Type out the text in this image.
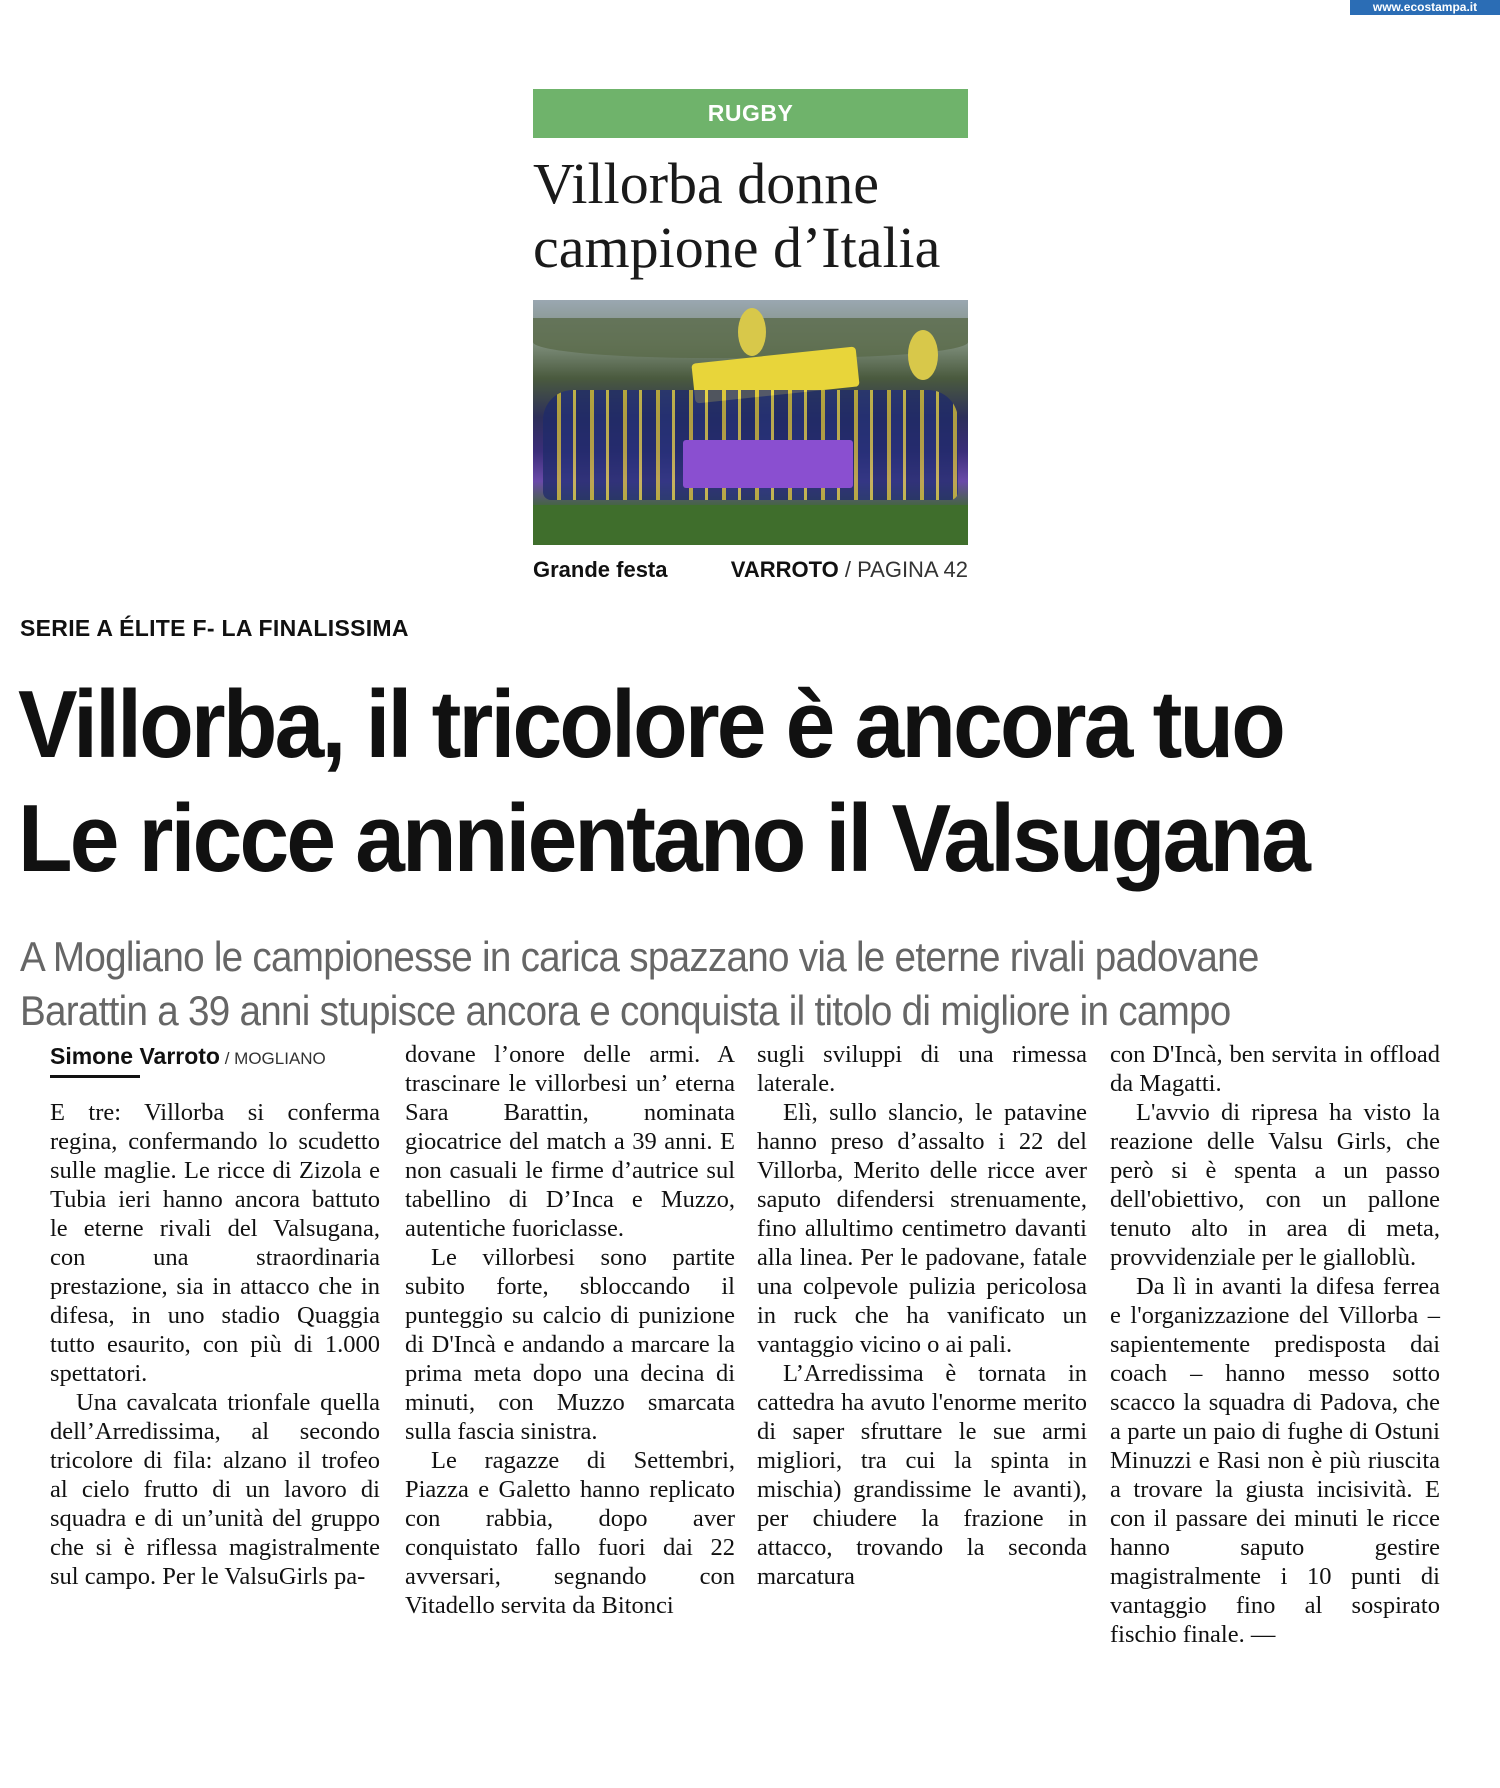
www.ecostampa.it
RUGBY
Villorba donne
campione d’Italia
Grande festa	VARROTO / PAGINA 42
SERIE A ÉLITE F- LA FINALISSIMA
Villorba, il tricolore è ancora tuo
Le ricce annientano il Valsugana
A Mogliano le campionesse in carica spazzano via le eterne rivali padovane
Barattin a 39 anni stupisce ancora e conquista il titolo di migliore in campo
Simone Varroto / MOGLIANO

E tre: Villorba si conferma regina, confermando lo scudetto sulle maglie. Le ricce di Zizola e Tubia ieri hanno ancora battuto le eterne rivali del Valsugana, con una straordinaria prestazione, sia in attacco che in difesa, in uno stadio Quaggia tutto esaurito, con più di 1.000 spettatori.

Una cavalcata trionfale quella dell’Arredissima, al secondo tricolore di fila: alzano il trofeo al cielo frutto di un lavoro di squadra e di un’unità del gruppo che si è riflessa magistralmente sul campo. Per le ValsuGirls pa-

dovane l’onore delle armi. A trascinare le villorbesi un’ eterna Sara Barattin, nominata giocatrice del match a 39 anni. E non casuali le firme d’autrice sul tabellino di D’Inca e Muzzo, autentiche fuoriclasse.

Le villorbesi sono partite subito forte, sbloccando il punteggio su calcio di punizione di D'Incà e andando a marcare la prima meta dopo una decina di minuti, con Muzzo smarcata sulla fascia sinistra.

Le ragazze di Settembri, Piazza e Galetto hanno replicato con rabbia, dopo aver conquistato fallo fuori dai 22 avversari, segnando con Vitadello servita da Bitonci

sugli sviluppi di una rimessa laterale.

Elì, sullo slancio, le patavine hanno preso d’assalto i 22 del Villorba, Merito delle ricce aver saputo difendersi strenuamente, fino allultimo centimetro davanti alla linea. Per le padovane, fatale una colpevole pulizia pericolosa in ruck che ha vanificato un vantaggio vicino o ai pali.

L’Arredissima è tornata in cattedra ha avuto l'enorme merito di saper sfruttare le sue armi migliori, tra cui la spinta in mischia) grandissime le avanti), per chiudere la frazione in attacco, trovando la seconda marcatura

con D'Incà, ben servita in offload da Magatti.

L'avvio di ripresa ha visto la reazione delle Valsu Girls, che però si è spenta a un passo dell'obiettivo, con un pallone tenuto alto in area di meta, provvidenziale per le gialloblù.

Da lì in avanti la difesa ferrea e l'organizzazione del Villorba – sapientemente predisposta dai coach – hanno messo sotto scacco la squadra di Padova, che a parte un paio di fughe di Ostuni Minuzzi e Rasi non è più riuscita a trovare la giusta incisività. E con il passare dei minuti le ricce hanno saputo gestire magistralmente i 10 punti di vantaggio fino al sospirato fischio finale. —
